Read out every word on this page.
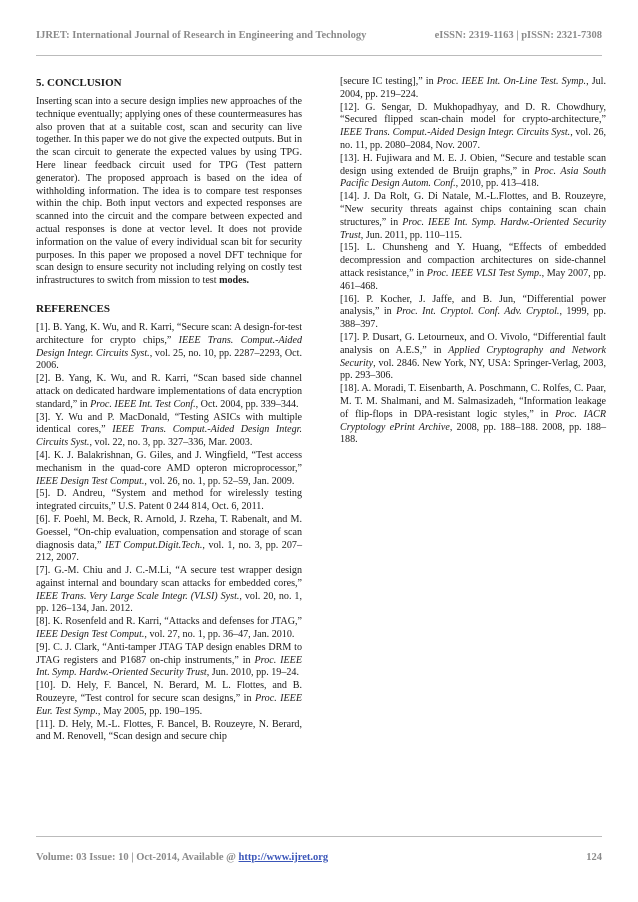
IJRET: International Journal of Research in Engineering and Technology	eISSN: 2319-1163 | pISSN: 2321-7308
5. CONCLUSION

Inserting scan into a secure design implies new approaches of the technique eventually; applying ones of these countermeasures has also proven that at a suitable cost, scan and security can live together. In this paper we do not give the expected outputs. But in the scan circuit to generate the expected values by using TPG. Here linear feedback circuit used for TPG (Test pattern generator). The proposed approach is based on the idea of withholding information. The idea is to compare test responses within the chip. Both input vectors and expected responses are scanned into the circuit and the compare between expected and actual responses is done at vector level. It does not provide information on the value of every individual scan bit for security purposes. In this paper we proposed a novel DFT technique for scan design to ensure security not including relying on costly test infrastructures to switch from mission to test modes.

REFERENCES

[1]. B. Yang, K. Wu, and R. Karri, “Secure scan: A design-for-test architecture for crypto chips,” IEEE Trans. Comput.-Aided Design Integr. Circuits Syst., vol. 25, no. 10, pp. 2287–2293, Oct. 2006.

[2]. B. Yang, K. Wu, and R. Karri, “Scan based side channel attack on dedicated hardware implementations of data encryption standard,” in Proc. IEEE Int. Test Conf., Oct. 2004, pp. 339–344.

[3]. Y. Wu and P. MacDonald, “Testing ASICs with multiple identical cores,” IEEE Trans. Comput.-Aided Design Integr. Circuits Syst., vol. 22, no. 3, pp. 327–336, Mar. 2003.

[4]. K. J. Balakrishnan, G. Giles, and J. Wingfield, “Test access mechanism in the quad-core AMD opteron microprocessor,” IEEE Design Test Comput., vol. 26, no. 1, pp. 52–59, Jan. 2009.

[5]. D. Andreu, “System and method for wirelessly testing integrated circuits,” U.S. Patent 0 244 814, Oct. 6, 2011.

[6]. F. Poehl, M. Beck, R. Arnold, J. Rzeha, T. Rabenalt, and M. Goessel, “On-chip evaluation, compensation and storage of scan diagnosis data,” IET Comput.Digit.Tech., vol. 1, no. 3, pp. 207–212, 2007.

[7]. G.-M. Chiu and J. C.-M.Li, “A secure test wrapper design against internal and boundary scan attacks for embedded cores,” IEEE Trans. Very Large Scale Integr. (VLSI) Syst., vol. 20, no. 1, pp. 126–134, Jan. 2012.

[8]. K. Rosenfeld and R. Karri, “Attacks and defenses for JTAG,” IEEE Design Test Comput., vol. 27, no. 1, pp. 36–47, Jan. 2010.

[9]. C. J. Clark, “Anti-tamper JTAG TAP design enables DRM to JTAG registers and P1687 on-chip instruments,” in Proc. IEEE Int. Symp. Hardw.-Oriented Security Trust, Jun. 2010, pp. 19–24.

[10]. D. Hely, F. Bancel, N. Berard, M. L. Flottes, and B. Rouzeyre, “Test control for secure scan designs,” in Proc. IEEE Eur. Test Symp., May 2005, pp. 190–195.

[11]. D. Hely, M.-L. Flottes, F. Bancel, B. Rouzeyre, N. Berard, and M. Renovell, “Scan design and secure chip

[secure IC testing],” in Proc. IEEE Int. On-Line Test. Symp., Jul. 2004, pp. 219–224.

[12]. G. Sengar, D. Mukhopadhyay, and D. R. Chowdhury, “Secured flipped scan-chain model for crypto-architecture,” IEEE Trans. Comput.-Aided Design Integr. Circuits Syst., vol. 26, no. 11, pp. 2080–2084, Nov. 2007.

[13]. H. Fujiwara and M. E. J. Obien, “Secure and testable scan design using extended de Bruijn graphs,” in Proc. Asia South Pacific Design Autom. Conf., 2010, pp. 413–418.

[14]. J. Da Rolt, G. Di Natale, M.-L.Flottes, and B. Rouzeyre, “New security threats against chips containing scan chain structures,” in Proc. IEEE Int. Symp. Hardw.-Oriented Security Trust, Jun. 2011, pp. 110–115.

[15]. L. Chunsheng and Y. Huang, “Effects of embedded decompression and compaction architectures on side-channel attack resistance,” in Proc. IEEE VLSI Test Symp., May 2007, pp. 461–468.

[16]. P. Kocher, J. Jaffe, and B. Jun, “Differential power analysis,” in Proc. Int. Cryptol. Conf. Adv. Cryptol., 1999, pp. 388–397.

[17]. P. Dusart, G. Letourneux, and O. Vivolo, “Differential fault analysis on A.E.S,” in Applied Cryptography and Network Security, vol. 2846. New York, NY, USA: Springer-Verlag, 2003, pp. 293–306.

[18]. A. Moradi, T. Eisenbarth, A. Poschmann, C. Rolfes, C. Paar, M. T. M. Shalmani, and M. Salmasizadeh, “Information leakage of flip-flops in DPA-resistant logic styles,” in Proc. IACR Cryptology ePrint Archive, 2008, pp. 188–188. 2008, pp. 188–188.

Volume: 03 Issue: 10 | Oct-2014, Available @ http://www.ijret.org	124
